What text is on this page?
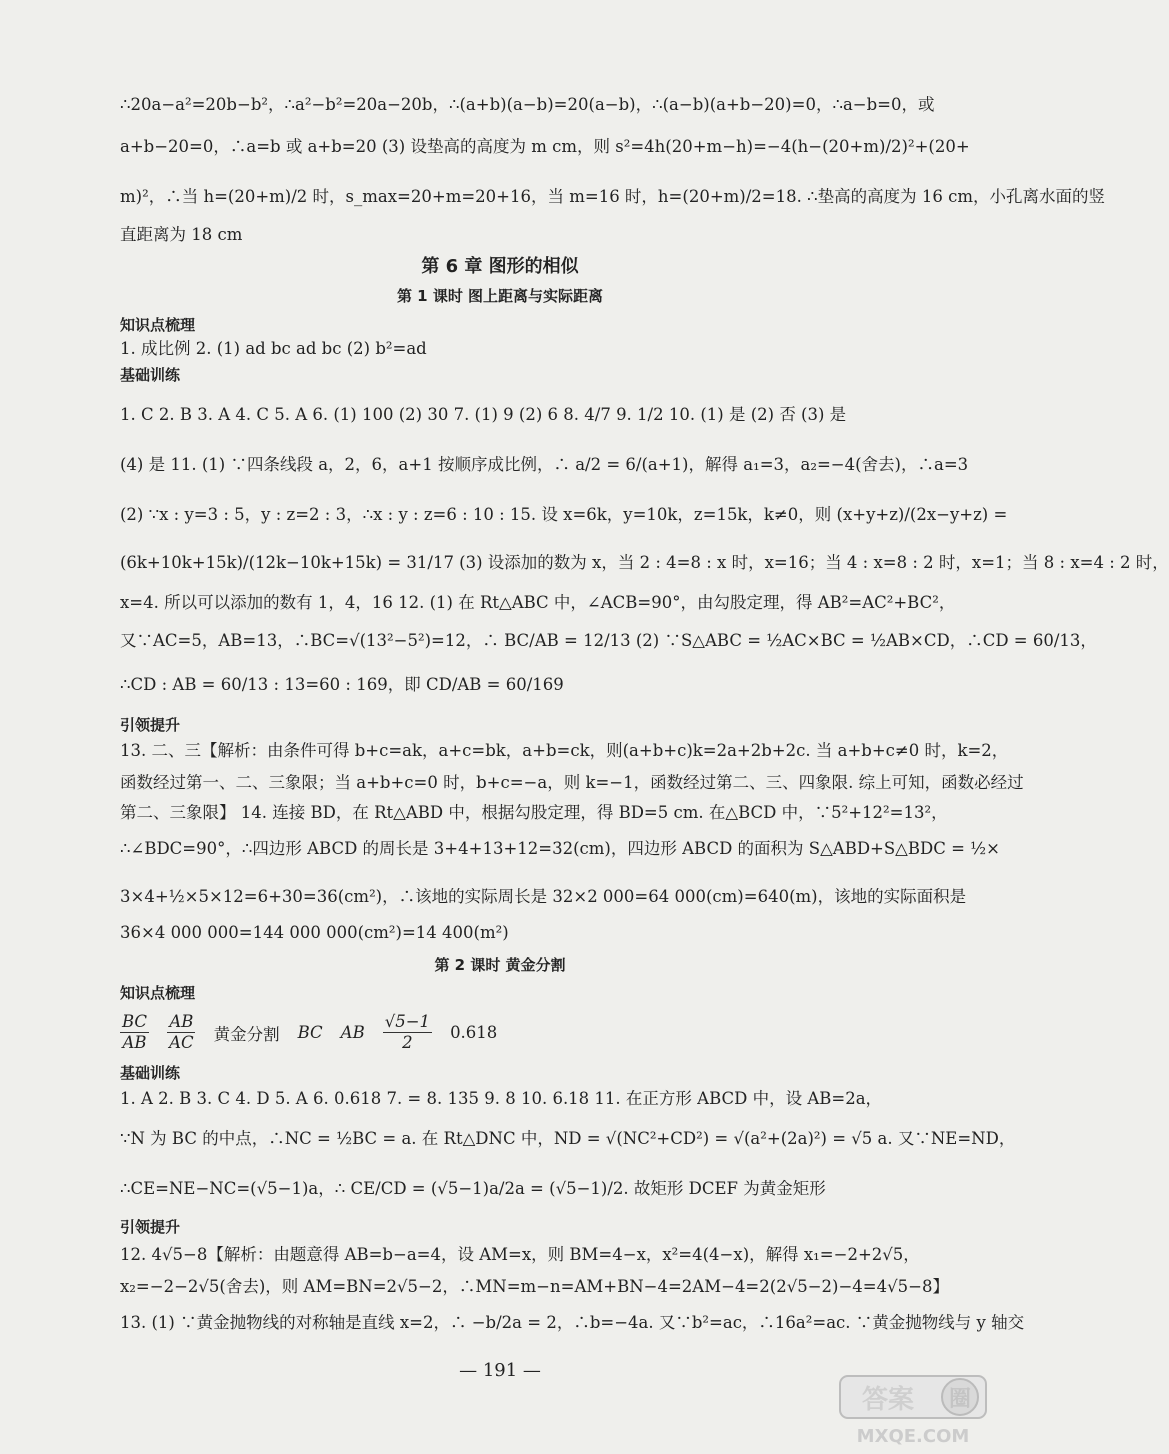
∴20a−a²=20b−b²，∴a²−b²=20a−20b，∴(a+b)(a−b)=20(a−b)，∴(a−b)(a+b−20)=0，∴a−b=0，或
a+b−20=0，∴a=b 或 a+b=20 (3) 设垫高的高度为 m cm，则 s²=4h(20+m−h)=−4(h−(20+m)/2)²+(20+
m)²，∴当 h=(20+m)/2 时，s_max=20+m=20+16，当 m=16 时，h=(20+m)/2=18. ∴垫高的高度为 16 cm，小孔离水面的竖
直距离为 18 cm
第 6 章 图形的相似
第 1 课时 图上距离与实际距离
知识点梳理
1. 成比例 2. (1) ad bc ad bc (2) b²=ad
基础训练
1. C 2. B 3. A 4. C 5. A 6. (1) 100 (2) 30 7. (1) 9 (2) 6 8. 4/7 9. 1/2 10. (1) 是 (2) 否 (3) 是
(4) 是 11. (1) ∵四条线段 a，2，6，a+1 按顺序成比例，∴ a/2 = 6/(a+1)，解得 a₁=3，a₂=−4(舍去)，∴a=3
(2) ∵x : y=3 : 5，y : z=2 : 3，∴x : y : z=6 : 10 : 15. 设 x=6k，y=10k，z=15k，k≠0，则 (x+y+z)/(2x−y+z) =
(6k+10k+15k)/(12k−10k+15k) = 31/17 (3) 设添加的数为 x，当 2 : 4=8 : x 时，x=16；当 4 : x=8 : 2 时，x=1；当 8 : x=4 : 2 时，
x=4. 所以可以添加的数有 1，4，16 12. (1) 在 Rt△ABC 中，∠ACB=90°，由勾股定理，得 AB²=AC²+BC²，
又∵AC=5，AB=13，∴BC=√(13²−5²)=12，∴ BC/AB = 12/13 (2) ∵S△ABC = ½AC×BC = ½AB×CD，∴CD = 60/13，
∴CD : AB = 60/13 : 13=60 : 169，即 CD/AB = 60/169
引领提升
13. 二、三【解析：由条件可得 b+c=ak，a+c=bk，a+b=ck，则(a+b+c)k=2a+2b+2c. 当 a+b+c≠0 时，k=2，
函数经过第一、二、三象限；当 a+b+c=0 时，b+c=−a，则 k=−1，函数经过第二、三、四象限. 综上可知，函数必经过
第二、三象限】 14. 连接 BD，在 Rt△ABD 中，根据勾股定理，得 BD=5 cm. 在△BCD 中，∵5²+12²=13²，
∴∠BDC=90°，∴四边形 ABCD 的周长是 3+4+13+12=32(cm)，四边形 ABCD 的面积为 S△ABD+S△BDC = ½×
3×4+½×5×12=6+30=36(cm²)，∴该地的实际周长是 32×2 000=64 000(cm)=640(m)，该地的实际面积是
36×4 000 000=144 000 000(cm²)=14 400(m²)
第 2 课时 黄金分割
知识点梳理
$\frac{BC}{AB} \frac{AB}{AC}$ 黄金分割 BC AB $\frac{√5-1}{2} 0.618$
基础训练
1. A 2. B 3. C 4. D 5. A 6. 0.618 7. = 8. 135 9. 8 10. 6.18 11. 在正方形 ABCD 中，设 AB=2a，
∵N 为 BC 的中点，∴NC = ½BC = a. 在 Rt△DNC 中，ND = √(NC²+CD²) = √(a²+(2a)²) = √5 a. 又∵NE=ND，
∴CE=NE−NC=(√5−1)a，∴ CE/CD = (√5−1)a/2a = (√5−1)/2. 故矩形 DCEF 为黄金矩形
引领提升
12. 4√5−8【解析：由题意得 AB=b−a=4，设 AM=x，则 BM=4−x，x²=4(4−x)，解得 x₁=−2+2√5，
x₂=−2−2√5(舍去)，则 AM=BN=2√5−2，∴MN=m−n=AM+BN−4=2AM−4=2(2√5−2)−4=4√5−8】
13. (1) ∵黄金抛物线的对称轴是直线 x=2，∴ −b/2a = 2，∴b=−4a. 又∵b²=ac，∴16a²=ac. ∵黄金抛物线与 y 轴交
— 191 —
答案 圈
MXQE.COM
